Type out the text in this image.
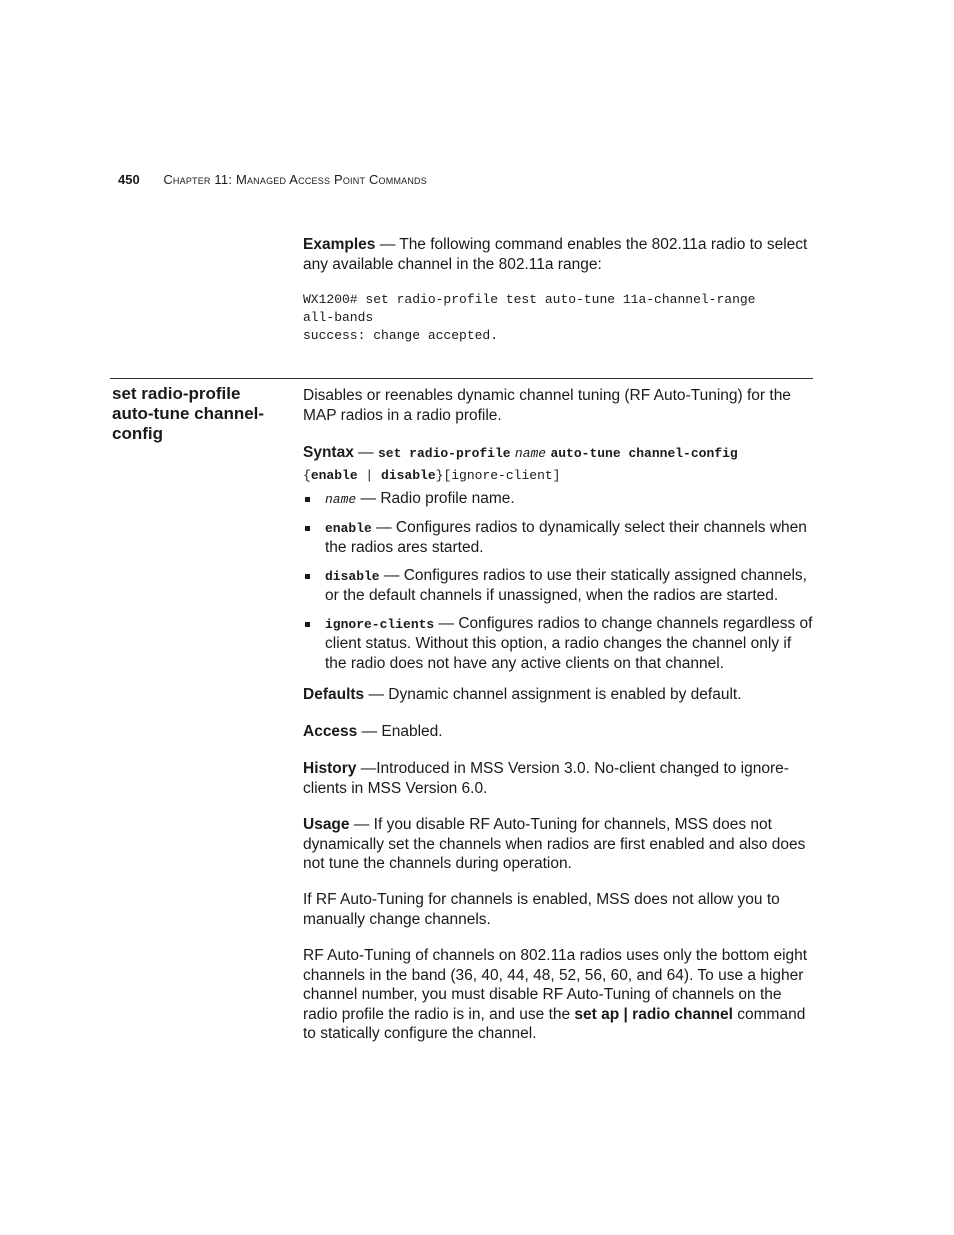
450 Chapter 11: Managed Access Point Commands
Examples — The following command enables the 802.11a radio to select any available channel in the 802.11a range:
WX1200# set radio-profile test auto-tune 11a-channel-range
all-bands
success: change accepted.
set radio-profile auto-tune channel-config
Disables or reenables dynamic channel tuning (RF Auto-Tuning) for the MAP radios in a radio profile.
Syntax — set radio-profile name auto-tune channel-config
{enable | disable}[ignore-client]
name — Radio profile name.
enable — Configures radios to dynamically select their channels when the radios ares started.
disable — Configures radios to use their statically assigned channels, or the default channels if unassigned, when the radios are started.
ignore-clients — Configures radios to change channels regardless of client status. Without this option, a radio changes the channel only if the radio does not have any active clients on that channel.
Defaults — Dynamic channel assignment is enabled by default.
Access — Enabled.
History —Introduced in MSS Version 3.0. No-client changed to ignore-clients in MSS Version 6.0.
Usage — If you disable RF Auto-Tuning for channels, MSS does not dynamically set the channels when radios are first enabled and also does not tune the channels during operation.
If RF Auto-Tuning for channels is enabled, MSS does not allow you to manually change channels.
RF Auto-Tuning of channels on 802.11a radios uses only the bottom eight channels in the band (36, 40, 44, 48, 52, 56, 60, and 64). To use a higher channel number, you must disable RF Auto-Tuning of channels on the radio profile the radio is in, and use the set ap | radio channel command to statically configure the channel.
